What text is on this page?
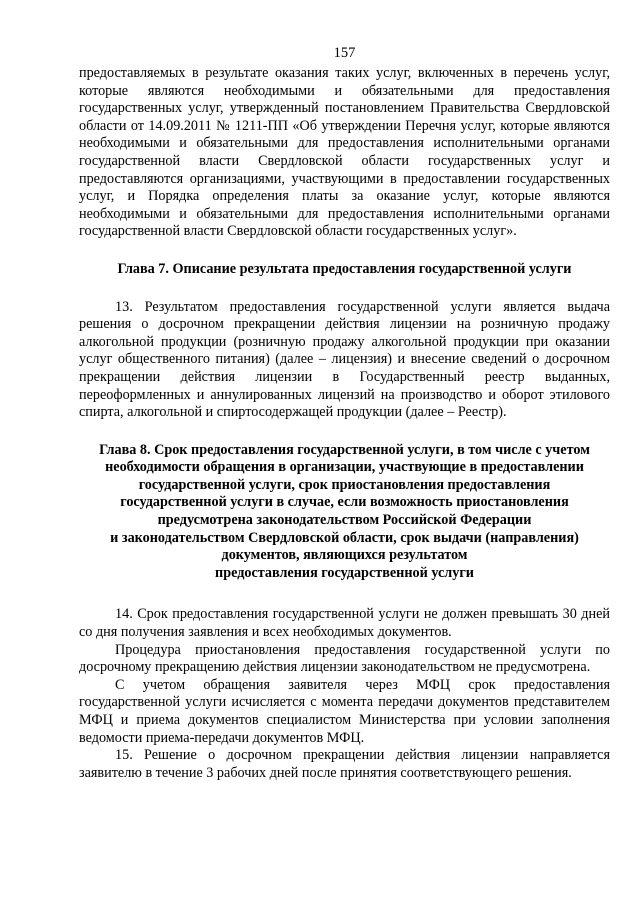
157

предоставляемых в результате оказания таких услуг, включенных в перечень услуг, которые являются необходимыми и обязательными для предоставления государственных услуг, утвержденный постановлением Правительства Свердловской области от 14.09.2011 № 1211-ПП «Об утверждении Перечня услуг, которые являются необходимыми и обязательными для предоставления исполнительными органами государственной власти Свердловской области государственных услуг и предоставляются организациями, участвующими в предоставлении государственных услуг, и Порядка определения платы за оказание услуг, которые являются необходимыми и обязательными для предоставления исполнительными органами государственной власти Свердловской области государственных услуг».

Глава 7. Описание результата предоставления государственной услуги

13. Результатом предоставления государственной услуги является выдача решения о досрочном прекращении действия лицензии на розничную продажу алкогольной продукции (розничную продажу алкогольной продукции при оказании услуг общественного питания) (далее – лицензия) и внесение сведений о досрочном прекращении действия лицензии в Государственный реестр выданных, переоформленных и аннулированных лицензий на производство и оборот этилового спирта, алкогольной и спиртосодержащей продукции (далее – Реестр).

Глава 8. Срок предоставления государственной услуги, в том числе с учетом
необходимости обращения в организации, участвующие в предоставлении
государственной услуги, срок приостановления предоставления
государственной услуги в случае, если возможность приостановления
предусмотрена законодательством Российской Федерации
и законодательством Свердловской области, срок выдачи (направления)
документов, являющихся результатом
предоставления государственной услуги

14. Срок предоставления государственной услуги не должен превышать 30 дней со дня получения заявления и всех необходимых документов.

Процедура приостановления предоставления государственной услуги по досрочному прекращению действия лицензии законодательством не предусмотрена.

С учетом обращения заявителя через МФЦ срок предоставления государственной услуги исчисляется с момента передачи документов представителем МФЦ и приема документов специалистом Министерства при условии заполнения ведомости приема-передачи документов МФЦ.

15. Решение о досрочном прекращении действия лицензии направляется заявителю в течение 3 рабочих дней после принятия соответствующего решения.
